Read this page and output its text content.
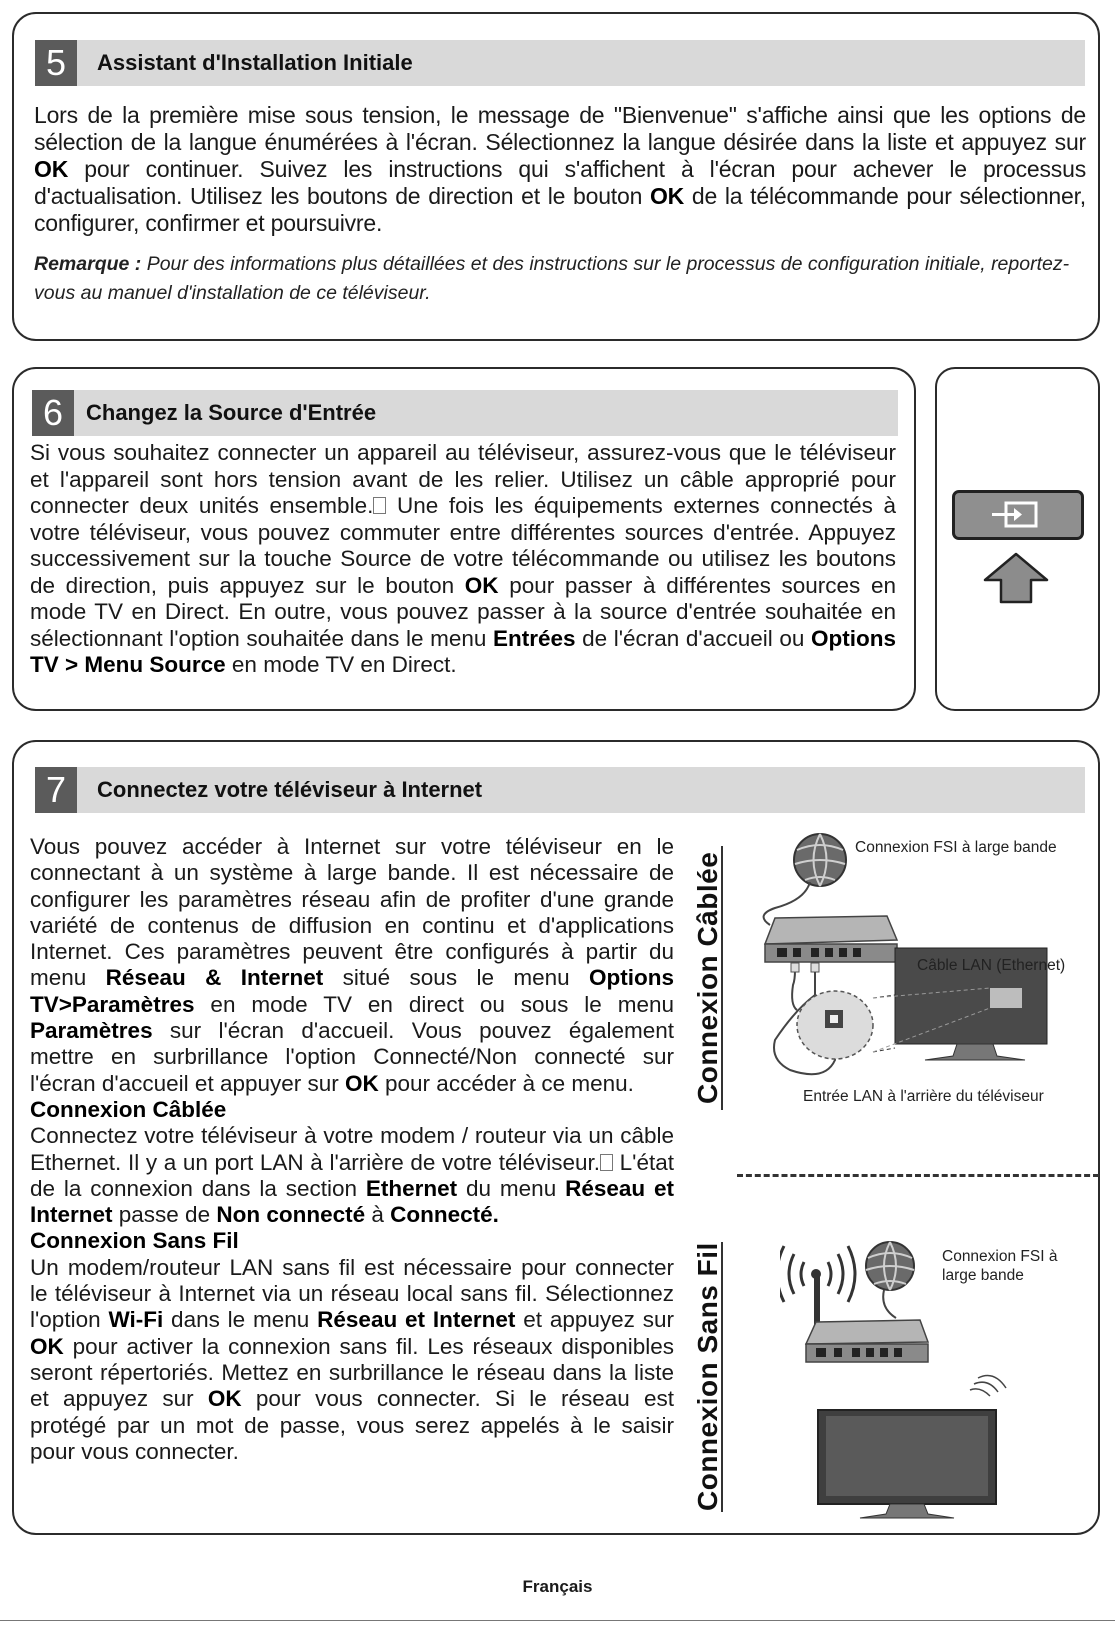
5	Assistant d'Installation Initiale
Lors de la première mise sous tension, le message de "Bienvenue" s'affiche ainsi que les options de sélection de la langue énumérées à l'écran. Sélectionnez la langue désirée dans la liste et appuyez sur OK pour continuer. Suivez les instructions qui s'affichent à l'écran pour achever le processus d'actualisation. Utilisez les boutons de direction et le bouton OK de la télécommande pour sélectionner, configurer, confirmer et poursuivre.
Remarque : Pour des informations plus détaillées et des instructions sur le processus de configuration initiale, reportez-vous au manuel d'installation de ce téléviseur.
6	Changez la Source d'Entrée
Si vous souhaitez connecter un appareil au téléviseur, assurez-vous que le téléviseur et l'appareil sont hors tension avant de les relier. Utilisez un câble approprié pour connecter deux unités ensemble. Une fois les équipements externes connectés à votre téléviseur, vous pouvez commuter entre différentes sources d'entrée. Appuyez successivement sur la touche Source de votre télécommande ou utilisez les boutons de direction, puis appuyez sur le bouton OK pour passer à différentes sources en mode TV en Direct. En outre, vous pouvez passer à la source d'entrée souhaitée en sélectionnant l'option souhaitée dans le menu Entrées de l'écran d'accueil ou Options TV > Menu Source en mode TV en Direct.
7	Connectez votre téléviseur à Internet
Vous pouvez accéder à Internet sur votre téléviseur en le connectant à un système à large bande. Il est nécessaire de configurer les paramètres réseau afin de profiter d'une grande variété de contenus de diffusion en continu et d'applications Internet. Ces paramètres peuvent être configurés à partir du menu Réseau & Internet situé sous le menu Options TV>Paramètres en mode TV en direct ou sous le menu Paramètres sur l'écran d'accueil. Vous pouvez également mettre en surbrillance l'option Connecté/Non connecté sur l'écran d'accueil et appuyer sur OK pour accéder à ce menu.
Connexion Câblée
Connectez votre téléviseur à votre modem / routeur via un câble Ethernet. Il y a un port LAN à l'arrière de votre téléviseur. L'état de la connexion dans la section Ethernet du menu Réseau et Internet passe de Non connecté à Connecté.
Connexion Sans Fil
Un modem/routeur LAN sans fil est nécessaire pour connecter le téléviseur à Internet via un réseau local sans fil. Sélectionnez l'option Wi-Fi dans le menu Réseau et Internet et appuyez sur OK pour activer la connexion sans fil. Les réseaux disponibles seront répertoriés. Mettez en surbrillance le réseau dans la liste et appuyez sur OK pour vous connecter. Si le réseau est protégé par un mot de passe, vous serez appelés à le saisir pour vous connecter.
Connexion Câblée
Connexion Sans Fil
Connexion FSI à large bande
Câble LAN (Ethernet)
Entrée LAN à l'arrière du téléviseur
Connexion FSI à
large bande
Français
